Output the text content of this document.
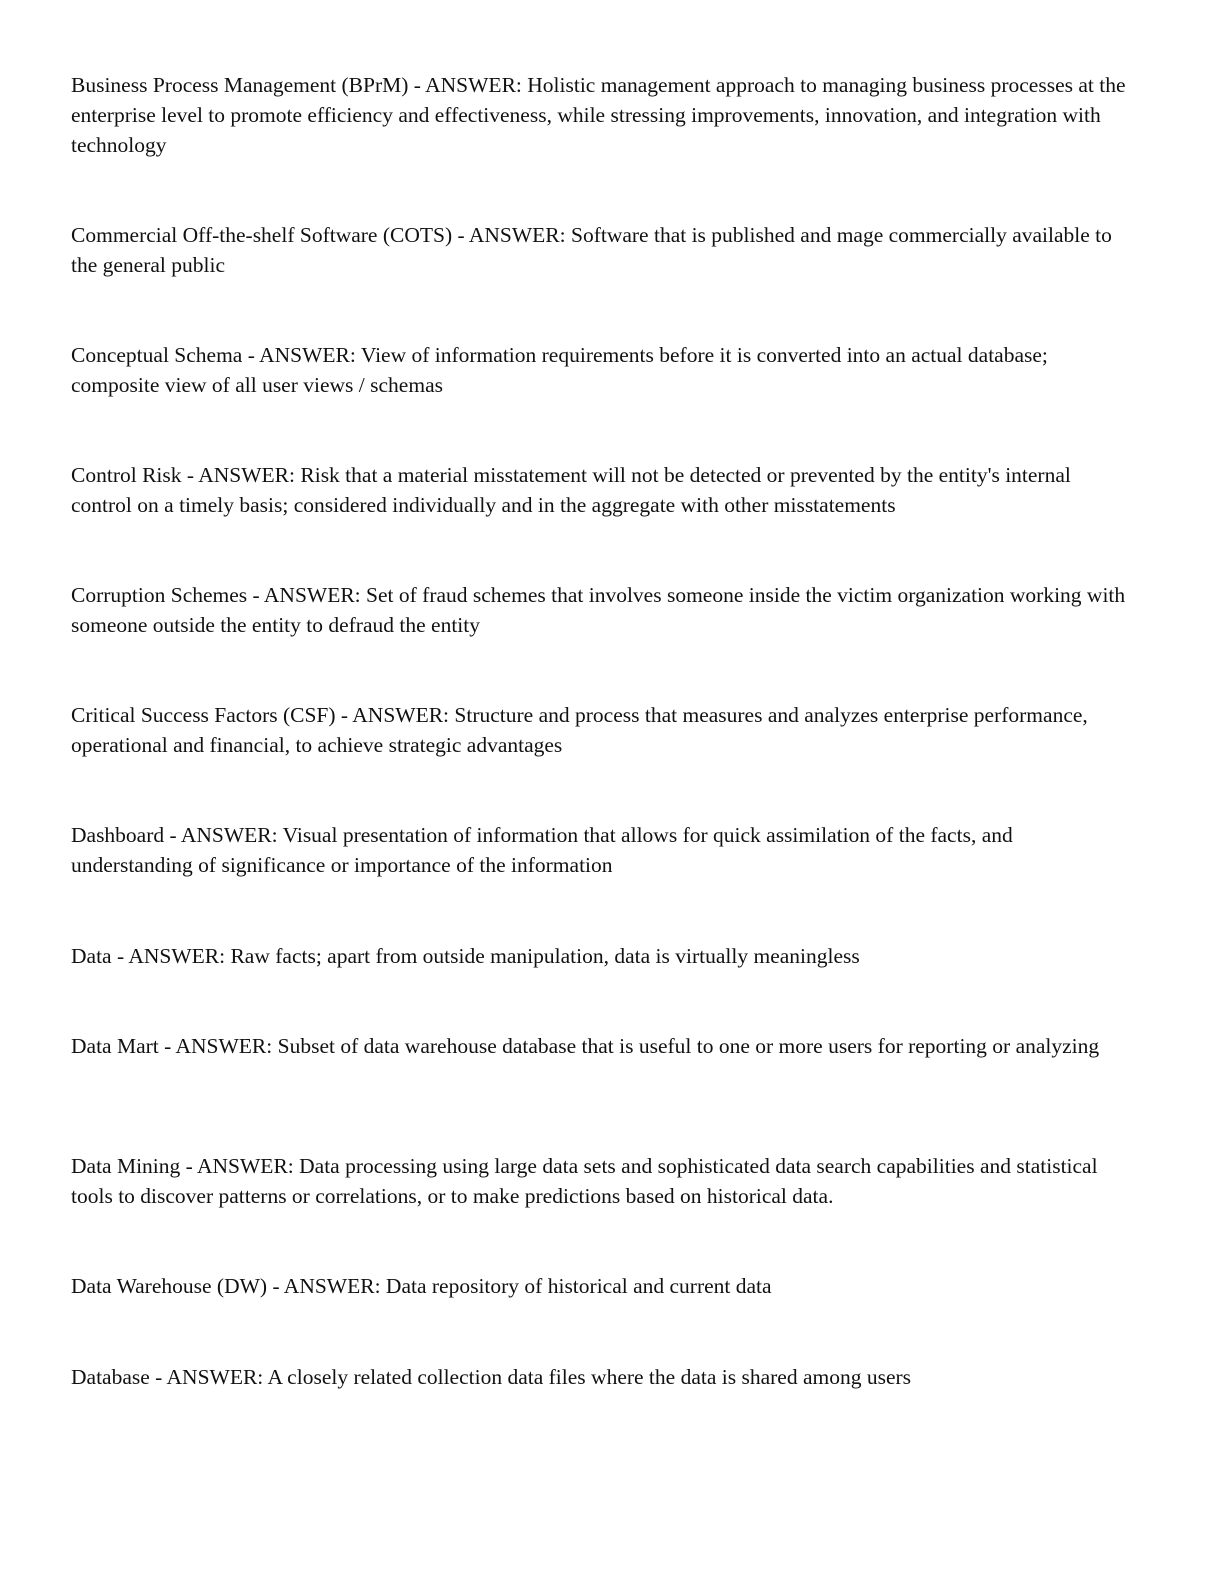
Business Process Management (BPrM) - ANSWER: Holistic management approach to managing business processes at the enterprise level to promote efficiency and effectiveness, while stressing improvements, innovation, and integration with technology

Commercial Off-the-shelf Software (COTS) - ANSWER: Software that is published and mage commercially available to the general public

Conceptual Schema - ANSWER: View of information requirements before it is converted into an actual database; composite view of all user views / schemas

Control Risk - ANSWER: Risk that a material misstatement will not be detected or prevented by the entity's internal control on a timely basis; considered individually and in the aggregate with other misstatements

Corruption Schemes - ANSWER: Set of fraud schemes that involves someone inside the victim organization working with someone outside the entity to defraud the entity

Critical Success Factors (CSF) - ANSWER: Structure and process that measures and analyzes enterprise performance, operational and financial, to achieve strategic advantages

Dashboard - ANSWER: Visual presentation of information that allows for quick assimilation of the facts, and understanding of significance or importance of the information

Data - ANSWER: Raw facts; apart from outside manipulation, data is virtually meaningless

Data Mart - ANSWER: Subset of data warehouse database that is useful to one or more users for reporting or analyzing

Data Mining - ANSWER: Data processing using large data sets and sophisticated data search capabilities and statistical tools to discover patterns or correlations, or to make predictions based on historical data.

Data Warehouse (DW) - ANSWER: Data repository of historical and current data

Database - ANSWER: A closely related collection data files where the data is shared among users
